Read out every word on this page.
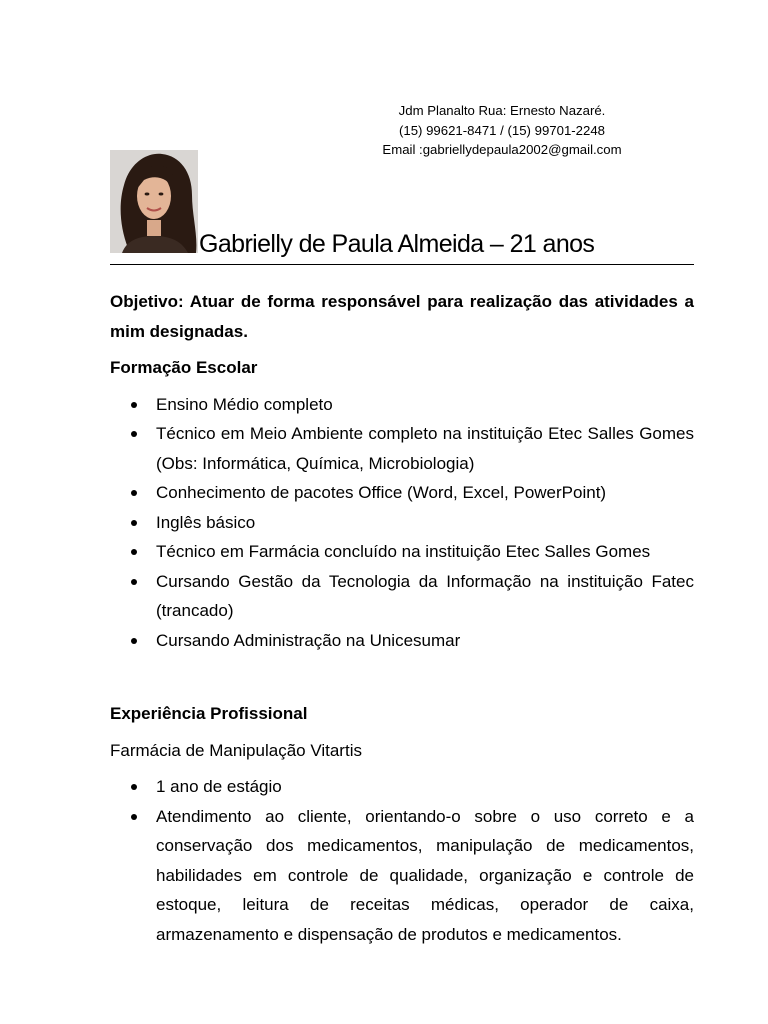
Jdm Planalto Rua: Ernesto Nazaré.
(15) 99621-8471 / (15) 99701-2248
Email :gabriellydepaula2002@gmail.com
Gabrielly de Paula Almeida – 21 anos

Objetivo: Atuar de forma responsável para realização das atividades a mim designadas.

Formação Escolar

Ensino Médio completo
Técnico em Meio Ambiente completo na instituição Etec Salles Gomes (Obs: Informática, Química, Microbiologia)
Conhecimento de pacotes Office (Word, Excel, PowerPoint)
Inglês básico
Técnico em Farmácia concluído na instituição Etec Salles Gomes
Cursando Gestão da Tecnologia da Informação na instituição Fatec (trancado)
Cursando Administração na Unicesumar

Experiência Profissional

Farmácia de Manipulação Vitartis

1 ano de estágio
Atendimento ao cliente, orientando-o sobre o uso correto e a conservação dos medicamentos, manipulação de medicamentos, habilidades em controle de qualidade, organização e controle de estoque, leitura de receitas médicas, operador de caixa, armazenamento e dispensação de produtos e medicamentos.
